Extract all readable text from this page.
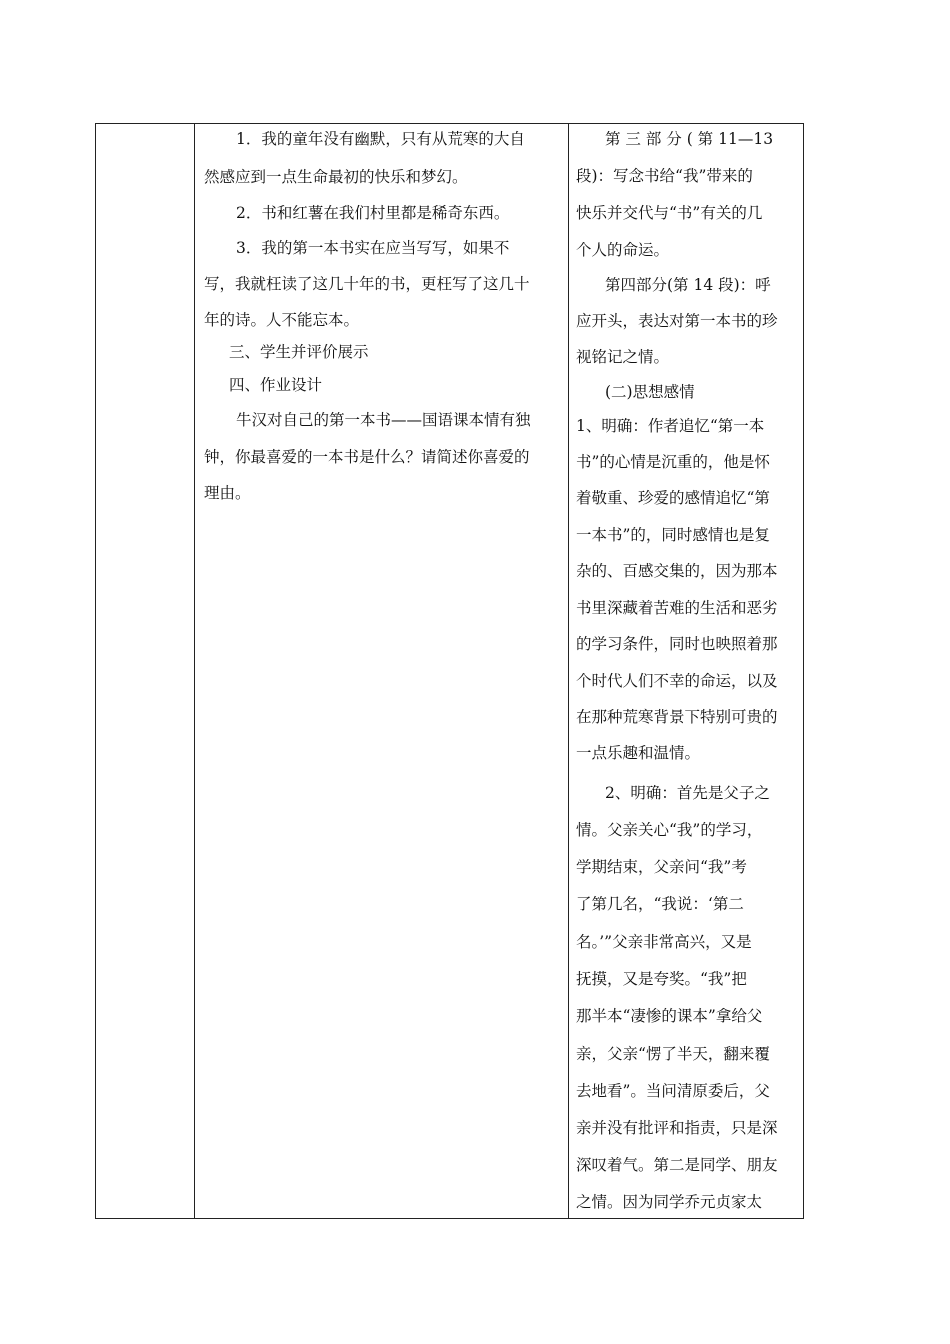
1．我的童年没有幽默，只有从荒寒的大自
然感应到一点生命最初的快乐和梦幻。
2．书和红薯在我们村里都是稀奇东西。
3．我的第一本书实在应当写写，如果不
写，我就枉读了这几十年的书，更枉写了这几十
年的诗。人不能忘本。
三、学生并评价展示
四、作业设计
牛汉对自己的第一本书——国语课本情有独
钟，你最喜爱的一本书是什么？请简述你喜爱的
理由。
第 三 部 分 ( 第 11—13
段)：写念书给“我”带来的
快乐并交代与“书”有关的几
个人的命运。
第四部分(第 14 段)：呼
应开头，表达对第一本书的珍
视铭记之情。
(二)思想感情
1、明确：作者追忆“第一本
书”的心情是沉重的，他是怀
着敬重、珍爱的感情追忆“第
一本书”的，同时感情也是复
杂的、百感交集的，因为那本
书里深藏着苦难的生活和恶劣
的学习条件，同时也映照着那
个时代人们不幸的命运，以及
在那种荒寒背景下特别可贵的
一点乐趣和温情。
2、明确：首先是父子之
情。父亲关心“我”的学习，
学期结束，父亲问“我”考
了第几名，“我说：‘第二
名。’”父亲非常高兴，又是
抚摸，又是夸奖。“我”把
那半本“凄惨的课本”拿给父
亲，父亲“愣了半天，翻来覆
去地看”。当问清原委后，父
亲并没有批评和指责，只是深
深叹着气。第二是同学、朋友
之情。因为同学乔元贞家太
